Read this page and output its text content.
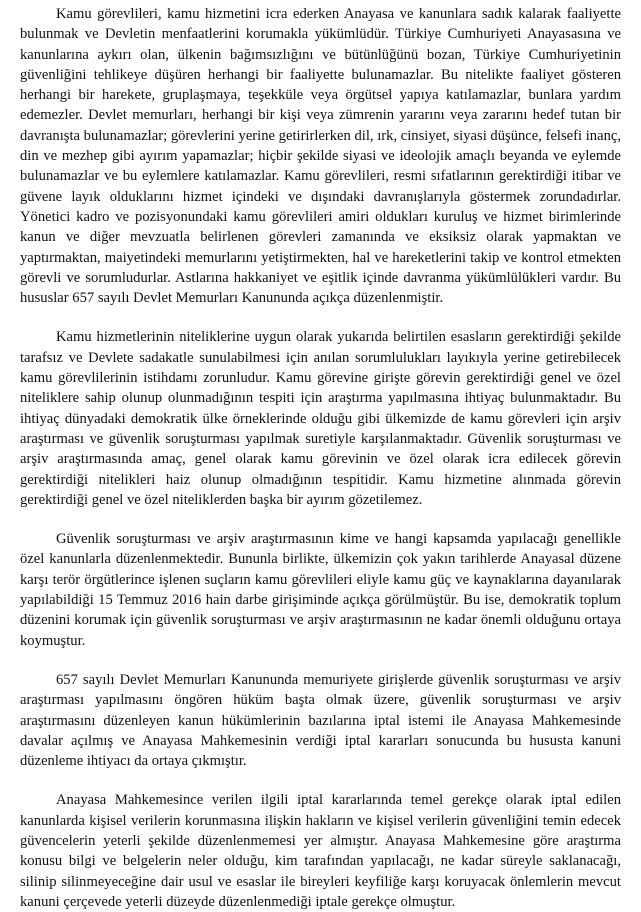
Kamu görevlileri, kamu hizmetini icra ederken Anayasa ve kanunlara sadık kalarak faaliyette bulunmak ve Devletin menfaatlerini korumakla yükümlüdür. Türkiye Cumhuriyeti Anayasasına ve kanunlarına aykırı olan, ülkenin bağımsızlığını ve bütünlüğünü bozan, Türkiye Cumhuriyetinin güvenliğini tehlikeye düşüren herhangi bir faaliyette bulunamazlar. Bu nitelikte faaliyet gösteren herhangi bir harekete, gruplaşmaya, teşekküle veya örgütsel yapıya katılamazlar, bunlara yardım edemezler. Devlet memurları, herhangi bir kişi veya zümrenin yararını veya zararını hedef tutan bir davranışta bulunamazlar; görevlerini yerine getirirlerken dil, ırk, cinsiyet, siyasi düşünce, felsefi inanç, din ve mezhep gibi ayırım yapamazlar; hiçbir şekilde siyasi ve ideolojik amaçlı beyanda ve eylemde bulunamazlar ve bu eylemlere katılamazlar. Kamu görevlileri, resmi sıfatlarının gerektirdiği itibar ve güvene layık olduklarını hizmet içindeki ve dışındaki davranışlarıyla göstermek zorundadırlar. Yönetici kadro ve pozisyonundaki kamu görevlileri amiri oldukları kuruluş ve hizmet birimlerinde kanun ve diğer mevzuatla belirlenen görevleri zamanında ve eksiksiz olarak yapmaktan ve yaptırmaktan, maiyetindeki memurlarını yetiştirmekten, hal ve hareketlerini takip ve kontrol etmekten görevli ve sorumludurlar. Astlarına hakkaniyet ve eşitlik içinde davranma yükümlülükleri vardır. Bu hususlar 657 sayılı Devlet Memurları Kanununda açıkça düzenlenmiştir.

Kamu hizmetlerinin niteliklerine uygun olarak yukarıda belirtilen esasların gerektirdiği şekilde tarafsız ve Devlete sadakatle sunulabilmesi için anılan sorumlulukları layıkıyla yerine getirebilecek kamu görevlilerinin istihdamı zorunludur. Kamu görevine girişte görevin gerektirdiği genel ve özel niteliklere sahip olunup olunmadığının tespiti için araştırma yapılmasına ihtiyaç bulunmaktadır. Bu ihtiyaç dünyadaki demokratik ülke örneklerinde olduğu gibi ülkemizde de kamu görevleri için arşiv araştırması ve güvenlik soruşturması yapılmak suretiyle karşılanmaktadır. Güvenlik soruşturması ve arşiv araştırmasında amaç, genel olarak kamu görevinin ve özel olarak icra edilecek görevin gerektirdiği nitelikleri haiz olunup olmadığının tespitidir. Kamu hizmetine alınmada görevin gerektirdiği genel ve özel niteliklerden başka bir ayırım gözetilemez.

Güvenlik soruşturması ve arşiv araştırmasının kime ve hangi kapsamda yapılacağı genellikle özel kanunlarla düzenlenmektedir. Bununla birlikte, ülkemizin çok yakın tarihlerde Anayasal düzene karşı terör örgütlerince işlenen suçların kamu görevlileri eliyle kamu güç ve kaynaklarına dayanılarak yapılabildiği 15 Temmuz 2016 hain darbe girişiminde açıkça görülmüştür. Bu ise, demokratik toplum düzenini korumak için güvenlik soruşturması ve arşiv araştırmasının ne kadar önemli olduğunu ortaya koymuştur.

657 sayılı Devlet Memurları Kanununda memuriyete girişlerde güvenlik soruşturması ve arşiv araştırması yapılmasını öngören hüküm başta olmak üzere, güvenlik soruşturması ve arşiv araştırmasını düzenleyen kanun hükümlerinin bazılarına iptal istemi ile Anayasa Mahkemesinde davalar açılmış ve Anayasa Mahkemesinin verdiği iptal kararları sonucunda bu hususta kanuni düzenleme ihtiyacı da ortaya çıkmıştır.

Anayasa Mahkemesince verilen ilgili iptal kararlarında temel gerekçe olarak iptal edilen kanunlarda kişisel verilerin korunmasına ilişkin hakların ve kişisel verilerin güvenliğini temin edecek güvencelerin yeterli şekilde düzenlenmemesi yer almıştır. Anayasa Mahkemesine göre araştırma konusu bilgi ve belgelerin neler olduğu, kim tarafından yapılacağı, ne kadar süreyle saklanacağı, silinip silinmeyeceğine dair usul ve esaslar ile bireyleri keyfiliğe karşı koruyacak önlemlerin mevcut kanuni çerçevede yeterli düzeyde düzenlenmediği iptale gerekçe olmuştur.
